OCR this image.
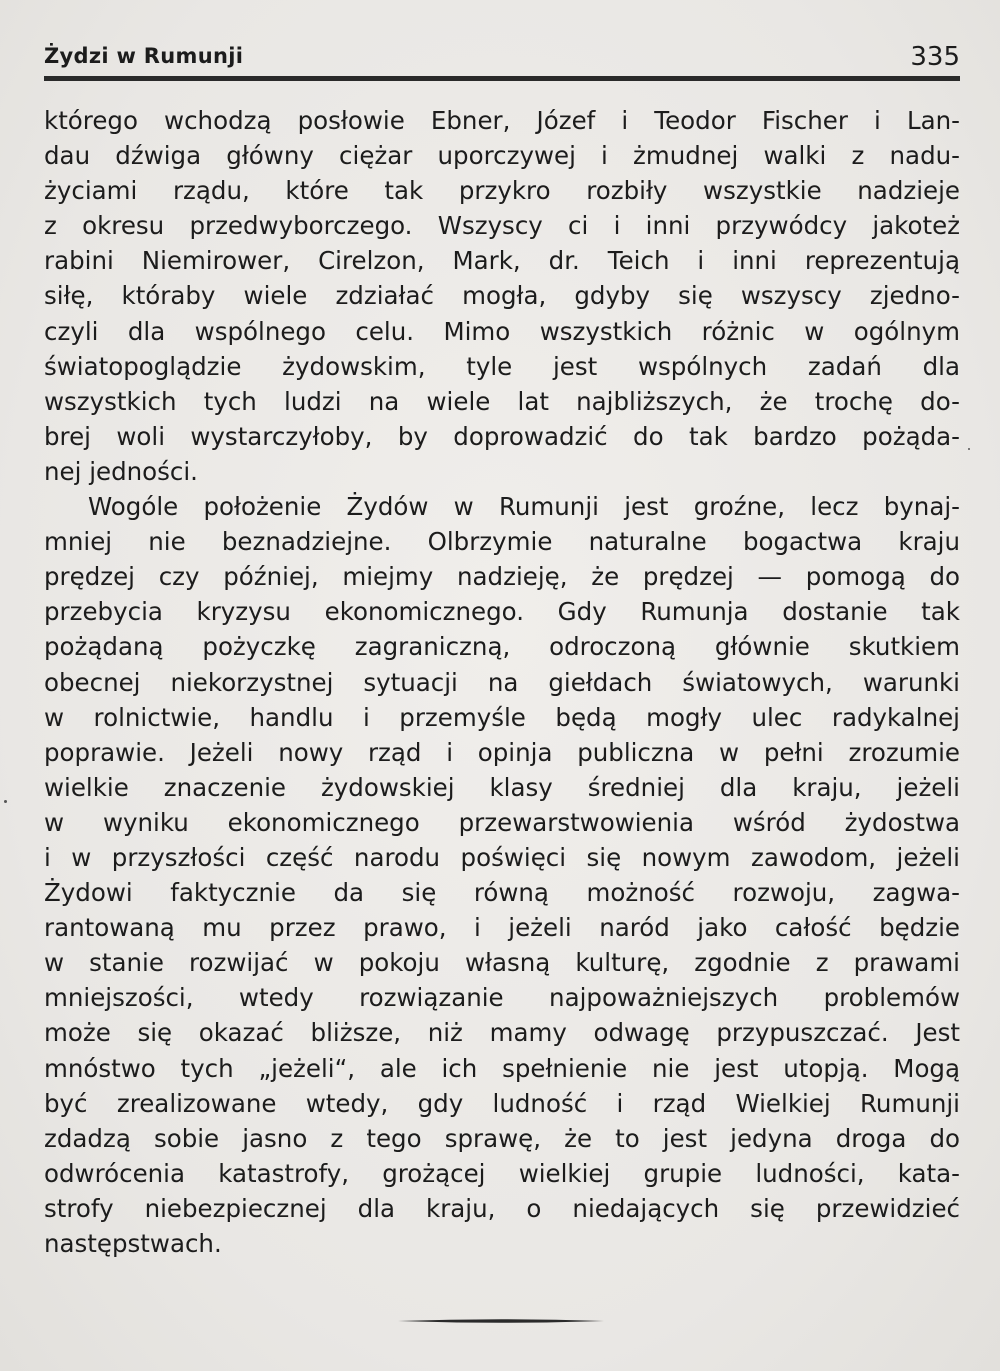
Żydzi w Rumunji	335
którego wchodzą posłowie Ebner, Józef i Teodor Fischer i Lan-
dau dźwiga główny ciężar uporczywej i żmudnej walki z nadu-
życiami rządu, które tak przykro rozbiły wszystkie nadzieje
z okresu przedwyborczego. Wszyscy ci i inni przywódcy jakoteż
rabini Niemirower, Cirelzon, Mark, dr. Teich i inni reprezentują
siłę, któraby wiele zdziałać mogła, gdyby się wszyscy zjedno-
czyli dla wspólnego celu. Mimo wszystkich różnic w ogólnym
światopoglądzie żydowskim, tyle jest wspólnych zadań dla
wszystkich tych ludzi na wiele lat najbliższych, że trochę do-
brej woli wystarczyłoby, by doprowadzić do tak bardzo pożąda-
nej jedności.
Wogóle położenie Żydów w Rumunji jest groźne, lecz bynaj-
mniej nie beznadziejne. Olbrzymie naturalne bogactwa kraju
prędzej czy później, miejmy nadzieję, że prędzej — pomogą do
przebycia kryzysu ekonomicznego. Gdy Rumunja dostanie tak
pożądaną pożyczkę zagraniczną, odroczoną głównie skutkiem
obecnej niekorzystnej sytuacji na giełdach światowych, warunki
w rolnictwie, handlu i przemyśle będą mogły ulec radykalnej
poprawie. Jeżeli nowy rząd i opinja publiczna w pełni zrozumie
wielkie znaczenie żydowskiej klasy średniej dla kraju, jeżeli
w wyniku ekonomicznego przewarstwowienia wśród żydostwa
i w przyszłości część narodu poświęci się nowym zawodom, jeżeli
Żydowi faktycznie da się równą możność rozwoju, zagwa-
rantowaną mu przez prawo, i jeżeli naród jako całość będzie
w stanie rozwijać w pokoju własną kulturę, zgodnie z prawami
mniejszości, wtedy rozwiązanie najpoważniejszych problemów
może się okazać bliższe, niż mamy odwagę przypuszczać. Jest
mnóstwo tych „jeżeli“, ale ich spełnienie nie jest utopją. Mogą
być zrealizowane wtedy, gdy ludność i rząd Wielkiej Rumunji
zdadzą sobie jasno z tego sprawę, że to jest jedyna droga do
odwrócenia katastrofy, grożącej wielkiej grupie ludności, kata-
strofy niebezpiecznej dla kraju, o niedających się przewidzieć
następstwach.
